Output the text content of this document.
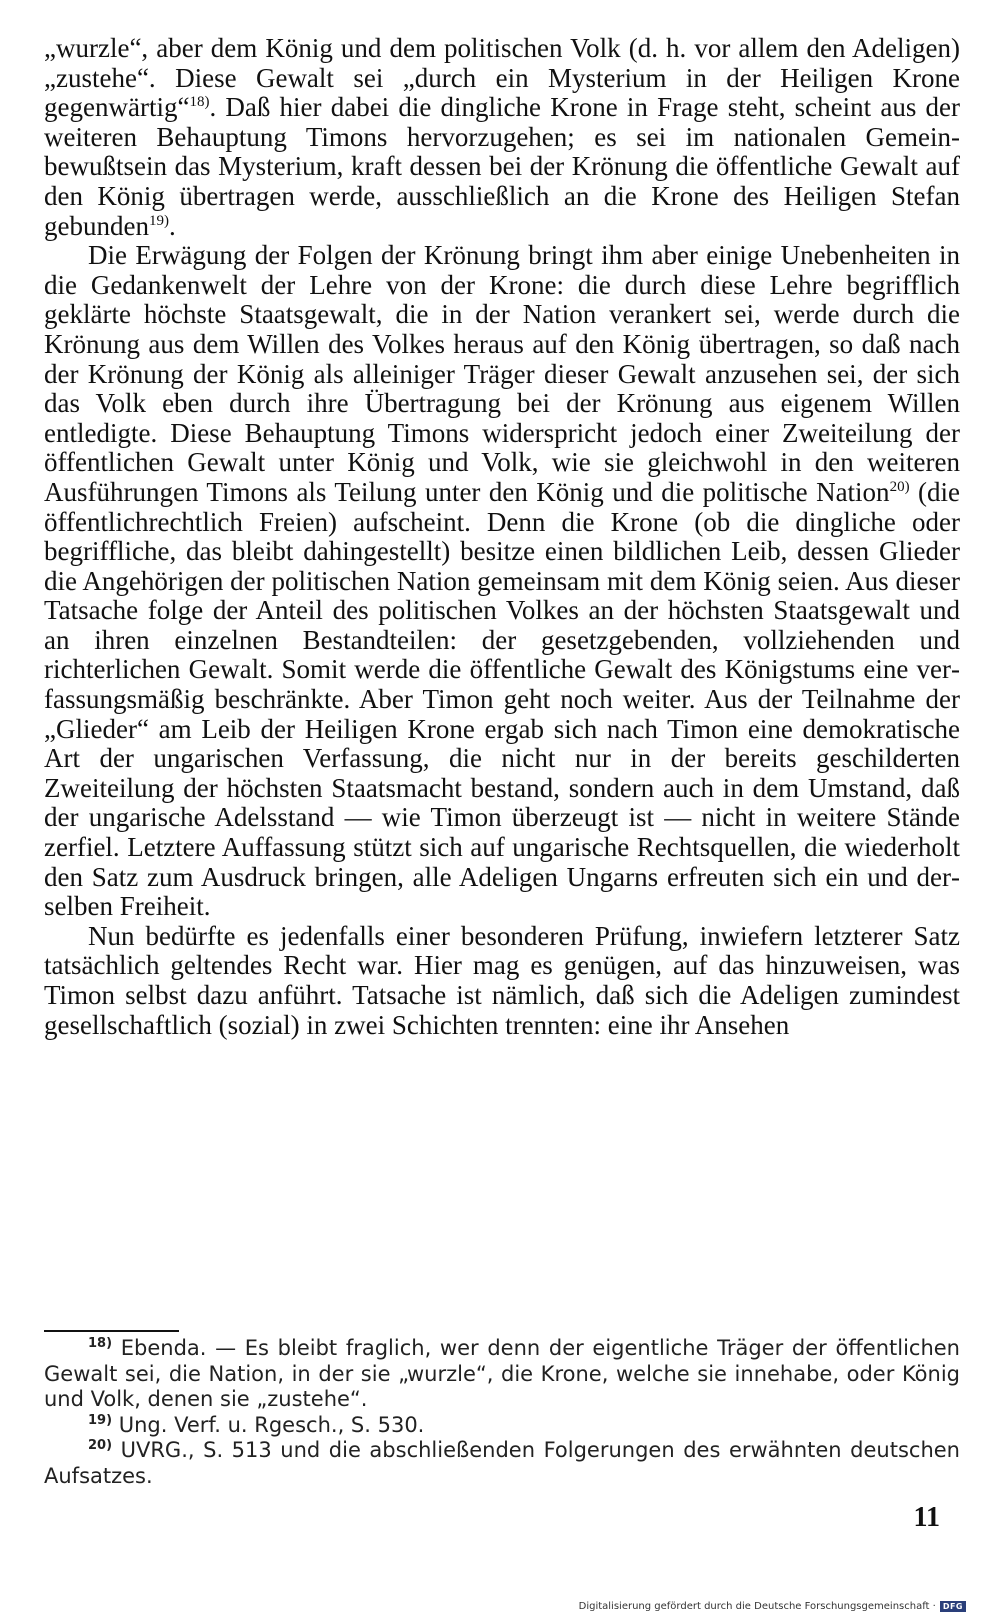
„wurzle“, aber dem König und dem politischen Volk (d. h. vor allem den Adeligen) „zustehe“. Diese Gewalt sei „durch ein Mysterium in der Heiligen Krone gegenwärtig“$^{18)}$. Daß hier dabei die dingliche Krone in Frage steht, scheint aus der weiteren Behauptung Timons hervorzugehen; es sei im nationalen Gemeinbewußtsein das Mysterium, kraft dessen bei der Krönung die öffentliche Gewalt auf den König übertragen werde, ausschließlich an die Krone des Heiligen Stefan gebunden$^{19)}$.

Die Erwägung der Folgen der Krönung bringt ihm aber einige Unebenheiten in die Gedankenwelt der Lehre von der Krone: die durch diese Lehre begrifflich geklärte höchste Staatsgewalt, die in der Nation verankert sei, werde durch die Krönung aus dem Willen des Volkes heraus auf den König übertragen, so daß nach der Krönung der König als alleiniger Träger dieser Gewalt anzusehen sei, der sich das Volk eben durch ihre Übertragung bei der Krönung aus eigenem Willen entledigte. Diese Behauptung Timons widerspricht jedoch einer Zweiteilung der öffentlichen Gewalt unter König und Volk, wie sie gleichwohl in den weiteren Ausführungen Timons als Teilung unter den König und die politische Nation$^{20)}$ (die öffentlichrechtlich Freien) aufscheint. Denn die Krone (ob die dingliche oder begriffliche, das bleibt dahingestellt) besitze einen bildlichen Leib, dessen Glieder die Angehörigen der politischen Nation gemeinsam mit dem König seien. Aus dieser Tatsache folge der Anteil des politischen Volkes an der höchsten Staatsgewalt und an ihren einzelnen Bestandteilen: der gesetzgebenden, vollziehenden und richterlichen Gewalt. Somit werde die öffentliche Gewalt des Königstums eine verfassungsmäßig beschränkte. Aber Timon geht noch weiter. Aus der Teilnahme der „Glieder“ am Leib der Heiligen Krone ergab sich nach Timon eine demokratische Art der ungarischen Verfassung, die nicht nur in der bereits geschilderten Zweiteilung der höchsten Staatsmacht bestand, sondern auch in dem Umstand, daß der ungarische Adelsstand — wie Timon überzeugt ist — nicht in weitere Stände zerfiel. Letztere Auffassung stützt sich auf ungarische Rechtsquellen, die wiederholt den Satz zum Ausdruck bringen, alle Adeligen Ungarns erfreuten sich ein und derselben Freiheit.

Nun bedürfte es jedenfalls einer besonderen Prüfung, inwiefern letzterer Satz tatsächlich geltendes Recht war. Hier mag es genügen, auf das hinzuweisen, was Timon selbst dazu anführt. Tatsache ist nämlich, daß sich die Adeligen zumindest gesellschaftlich (sozial) in zwei Schichten trennten: eine ihr Ansehen

$^{18)}$ Ebenda. — Es bleibt fraglich, wer denn der eigentliche Träger der öffentlichen Gewalt sei, die Nation, in der sie „wurzle“, die Krone, welche sie innehabe, oder König und Volk, denen sie „zustehe“.

$^{19)}$ Ung. Verf. u. Rgesch., S. 530.

$^{20)}$ UVRG., S. 513 und die abschließenden Folgerungen des erwähnten deutschen Aufsatzes.

11
Digitalisierung gefördert durch die Deutsche Forschungsgemeinschaft · DFG
